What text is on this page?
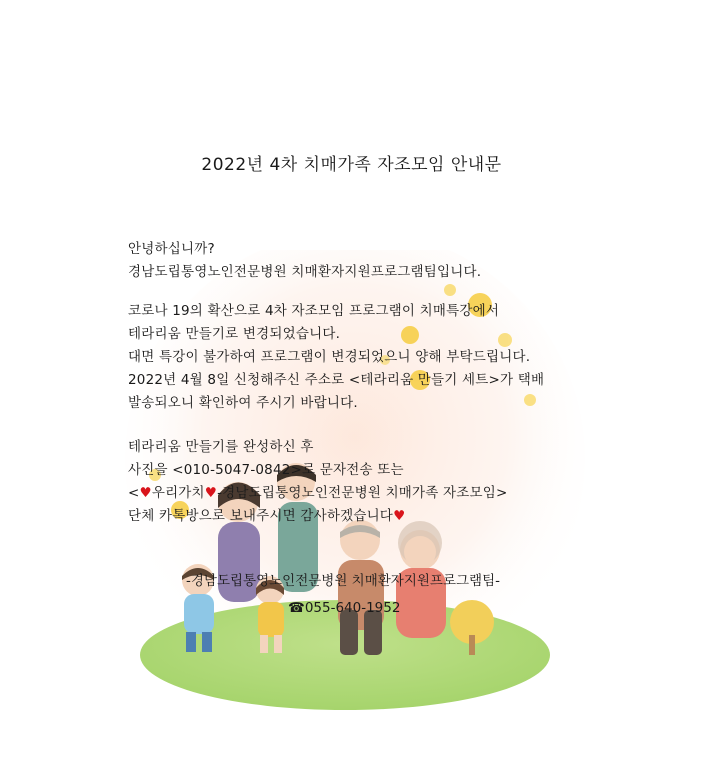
2022년 4차 치매가족 자조모임 안내문
안녕하십니까?
경남도립통영노인전문병원 치매환자지원프로그램팀입니다.
코로나 19의 확산으로 4차 자조모임 프로그램이 치매특강에서
테라리움 만들기로 변경되었습니다.
대면 특강이 불가하여 프로그램이 변경되었으니 양해 부탁드립니다.
2022년 4월 8일 신청해주신 주소로 <테라리움 만들기 세트>가 택배
발송되오니 확인하여 주시기 바랍니다.
테라리움 만들기를 완성하신 후
사진을 <010-5047-0842>로 문자전송 또는
<♥우리가치♥-경남도립통영노인전문병원 치매가족 자조모임>
단체 카톡방으로 보내주시면 감사하겠습니다♥
-경남도립통영노인전문병원 치매환자지원프로그램팀-
☎055-640-1952
